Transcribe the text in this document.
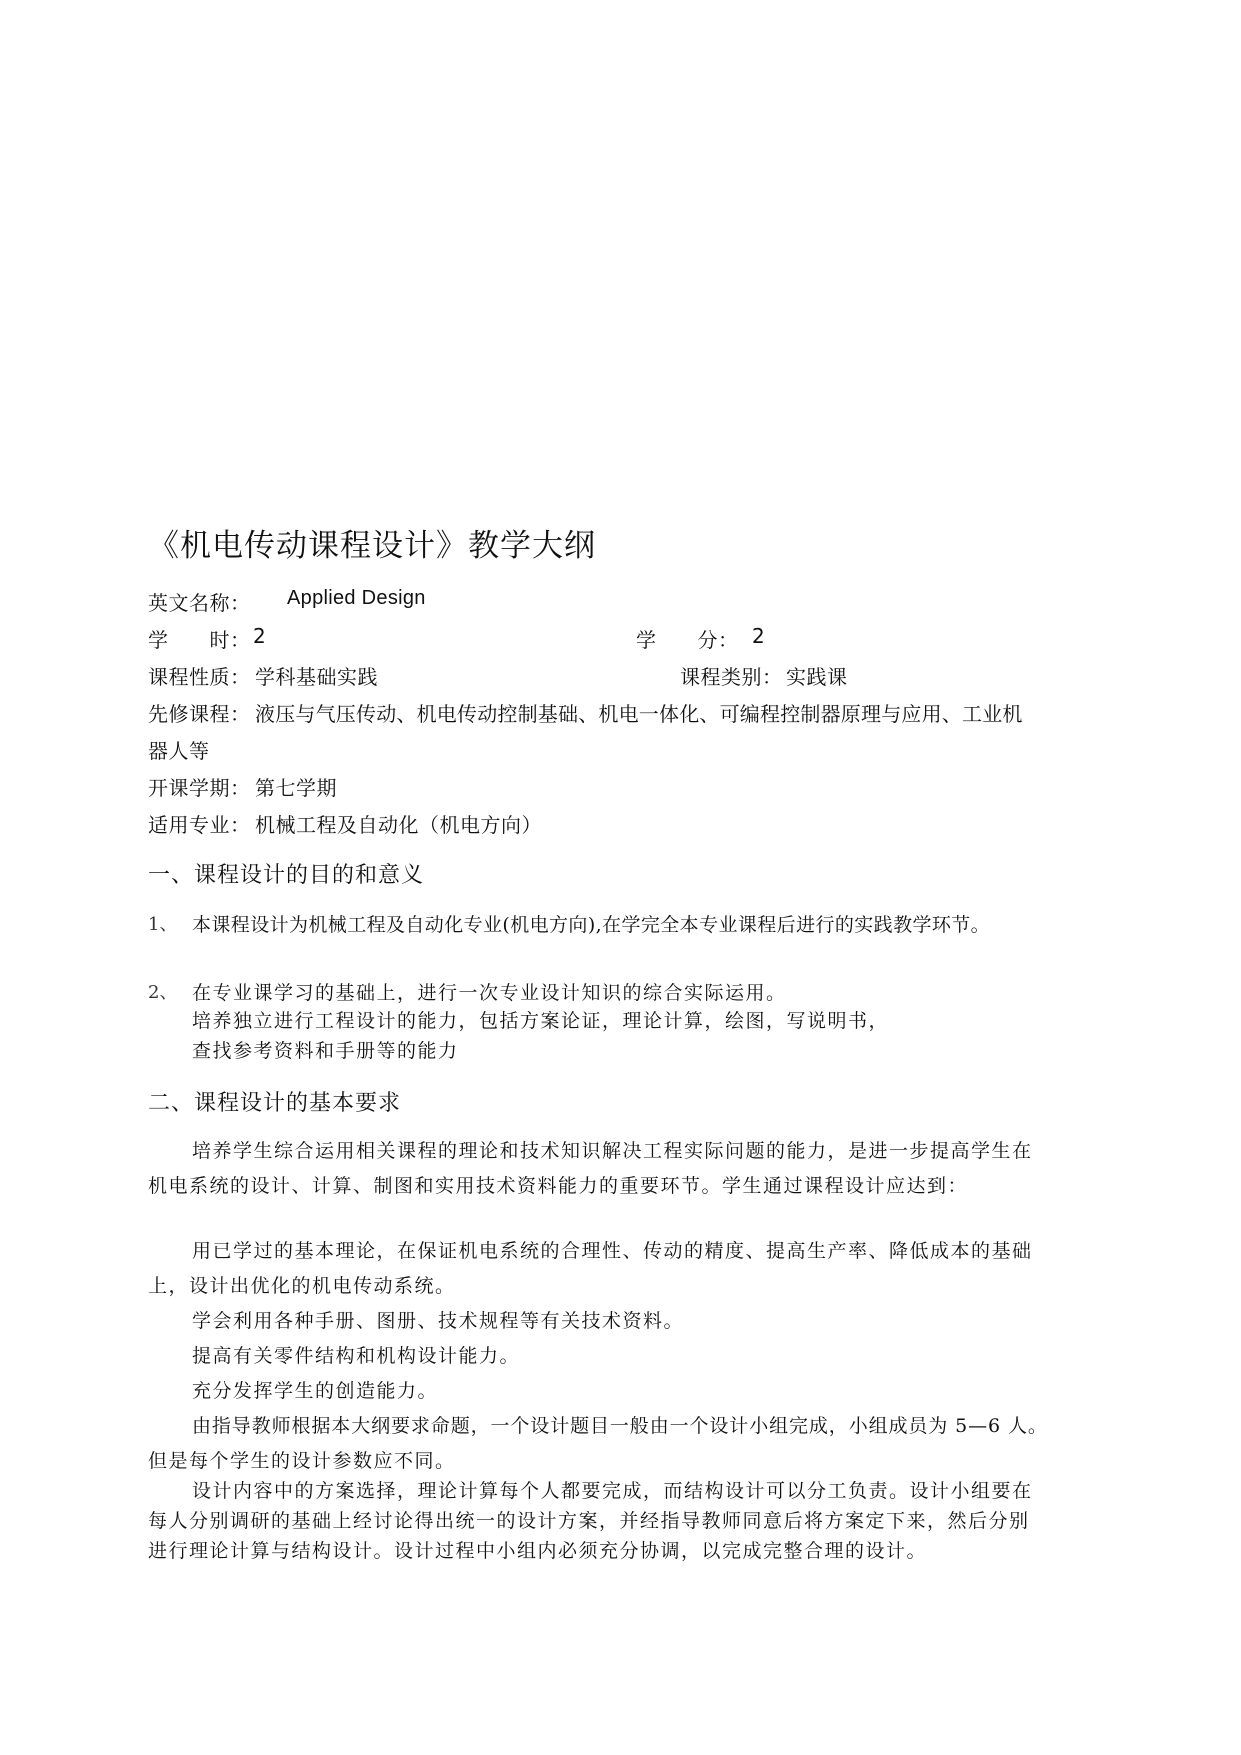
《机电传动课程设计》教学大纲
英文名称： Applied Design
学　　时： 2	学　　分： 2
课程性质： 学科基础实践	课程类别： 实践课
先修课程： 液压与气压传动、机电传动控制基础、机电一体化、可编程控制器原理与应用、工业机
器人等
开课学期： 第七学期
适用专业： 机械工程及自动化（机电方向）
一、课程设计的目的和意义
1、 本课程设计为机械工程及自动化专业(机电方向),在学完全本专业课程后进行的实践教学环节。
2、 在专业课学习的基础上，进行一次专业设计知识的综合实际运用。
培养独立进行工程设计的能力，包括方案论证，理论计算，绘图，写说明书，
查找参考资料和手册等的能力
二、课程设计的基本要求
培养学生综合运用相关课程的理论和技术知识解决工程实际问题的能力，是进一步提高学生在
机电系统的设计、计算、制图和实用技术资料能力的重要环节。学生通过课程设计应达到：
用已学过的基本理论，在保证机电系统的合理性、传动的精度、提高生产率、降低成本的基础
上，设计出优化的机电传动系统。
学会利用各种手册、图册、技术规程等有关技术资料。
提高有关零件结构和机构设计能力。
充分发挥学生的创造能力。
由指导教师根据本大纲要求命题，一个设计题目一般由一个设计小组完成，小组成员为 5—6 人。
但是每个学生的设计参数应不同。
设计内容中的方案选择，理论计算每个人都要完成，而结构设计可以分工负责。设计小组要在
每人分别调研的基础上经讨论得出统一的设计方案，并经指导教师同意后将方案定下来，然后分别
进行理论计算与结构设计。设计过程中小组内必须充分协调，以完成完整合理的设计。
